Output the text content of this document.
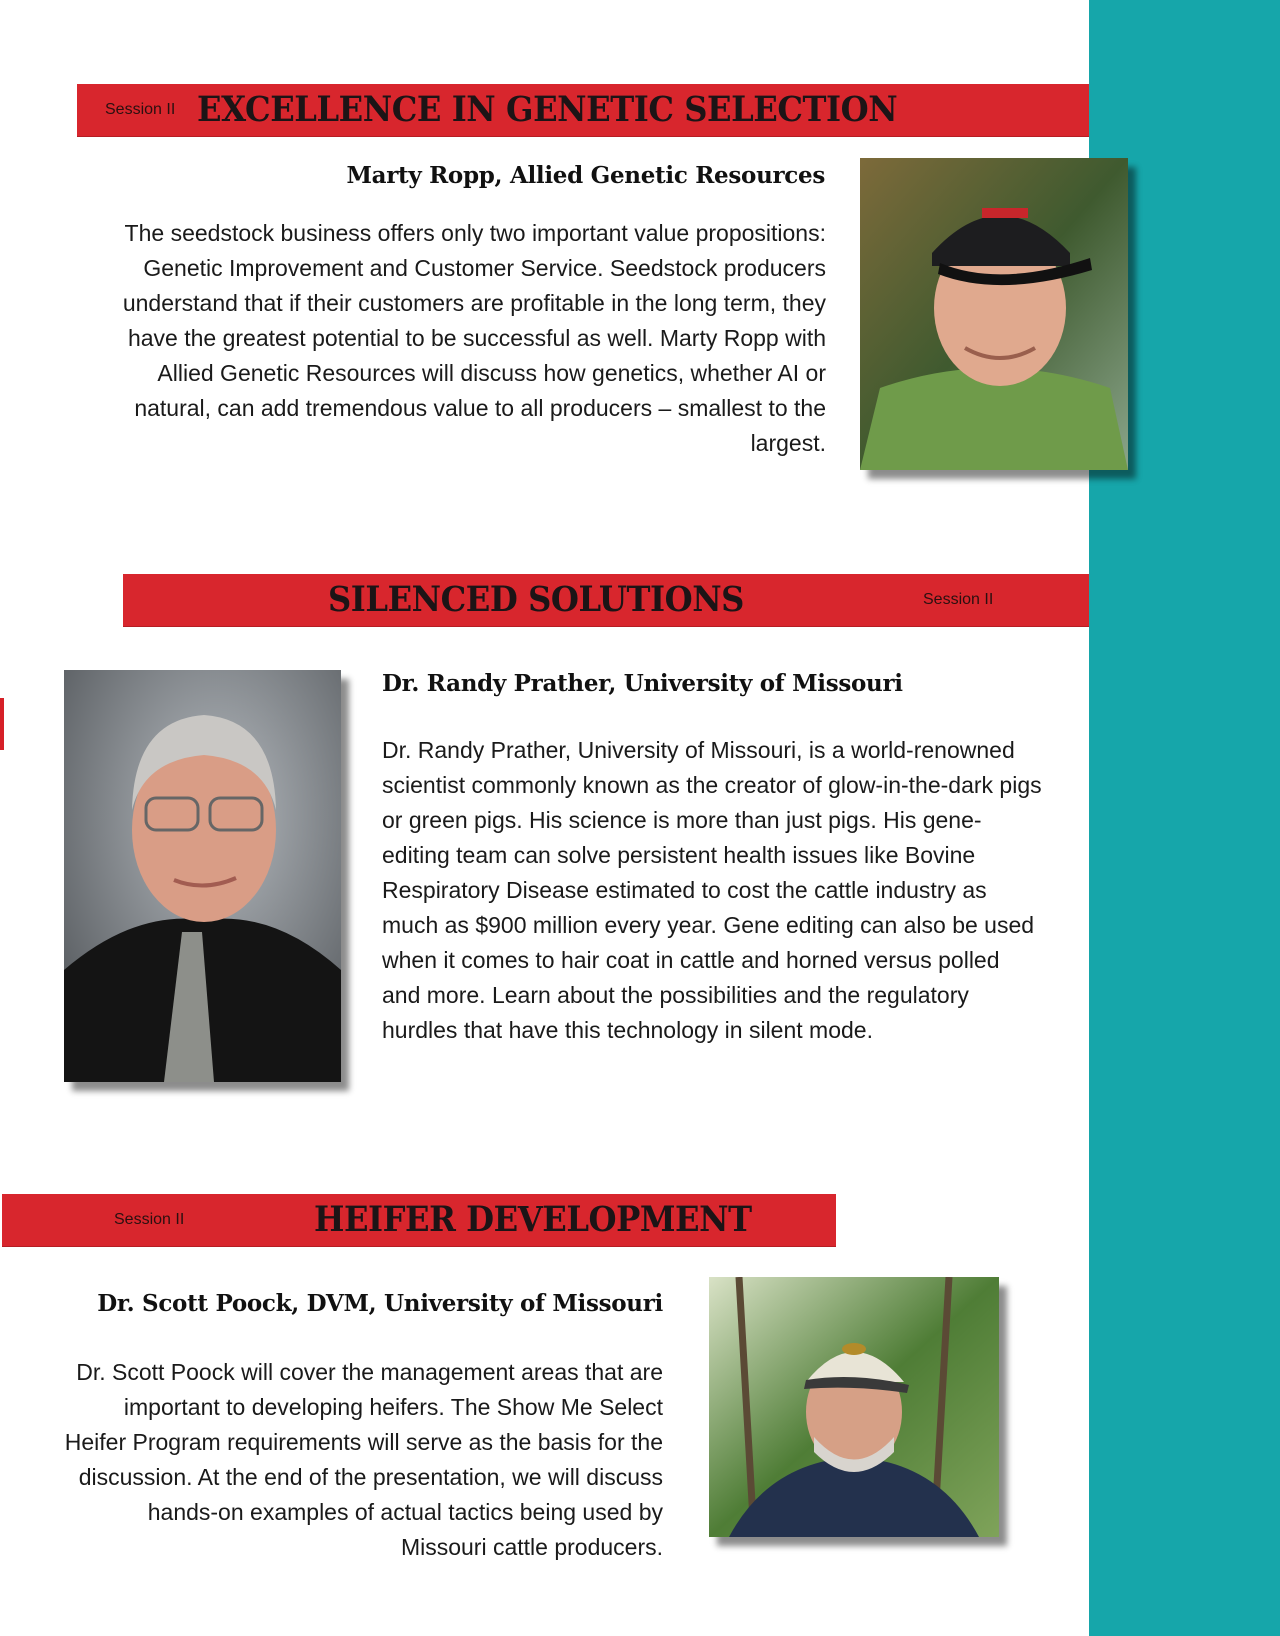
Session II EXCELLENCE IN GENETIC SELECTION
Marty Ropp, Allied Genetic Resources

The seedstock business offers only two important value propositions: Genetic Improvement and Customer Service. Seedstock producers understand that if their customers are profitable in the long term, they have the greatest potential to be successful as well. Marty Ropp with Allied Genetic Resources will discuss how genetics, whether AI or natural, can add tremendous value to all producers – smallest to the largest.

SILENCED SOLUTIONS	Session II
Dr. Randy Prather, University of Missouri

Dr. Randy Prather, University of Missouri, is a world-renowned scientist commonly known as the creator of glow-in-the-dark pigs or green pigs. His science is more than just pigs. His gene-editing team can solve persistent health issues like Bovine Respiratory Disease estimated to cost the cattle industry as much as $900 million every year. Gene editing can also be used when it comes to hair coat in cattle and horned versus polled and more. Learn about the possibilities and the regulatory hurdles that have this technology in silent mode.

Session II	HEIFER DEVELOPMENT
Dr. Scott Poock, DVM, University of Missouri

Dr. Scott Poock will cover the management areas that are important to developing heifers. The Show Me Select Heifer Program requirements will serve as the basis for the discussion. At the end of the presentation, we will discuss hands-on examples of actual tactics being used by Missouri cattle producers.
